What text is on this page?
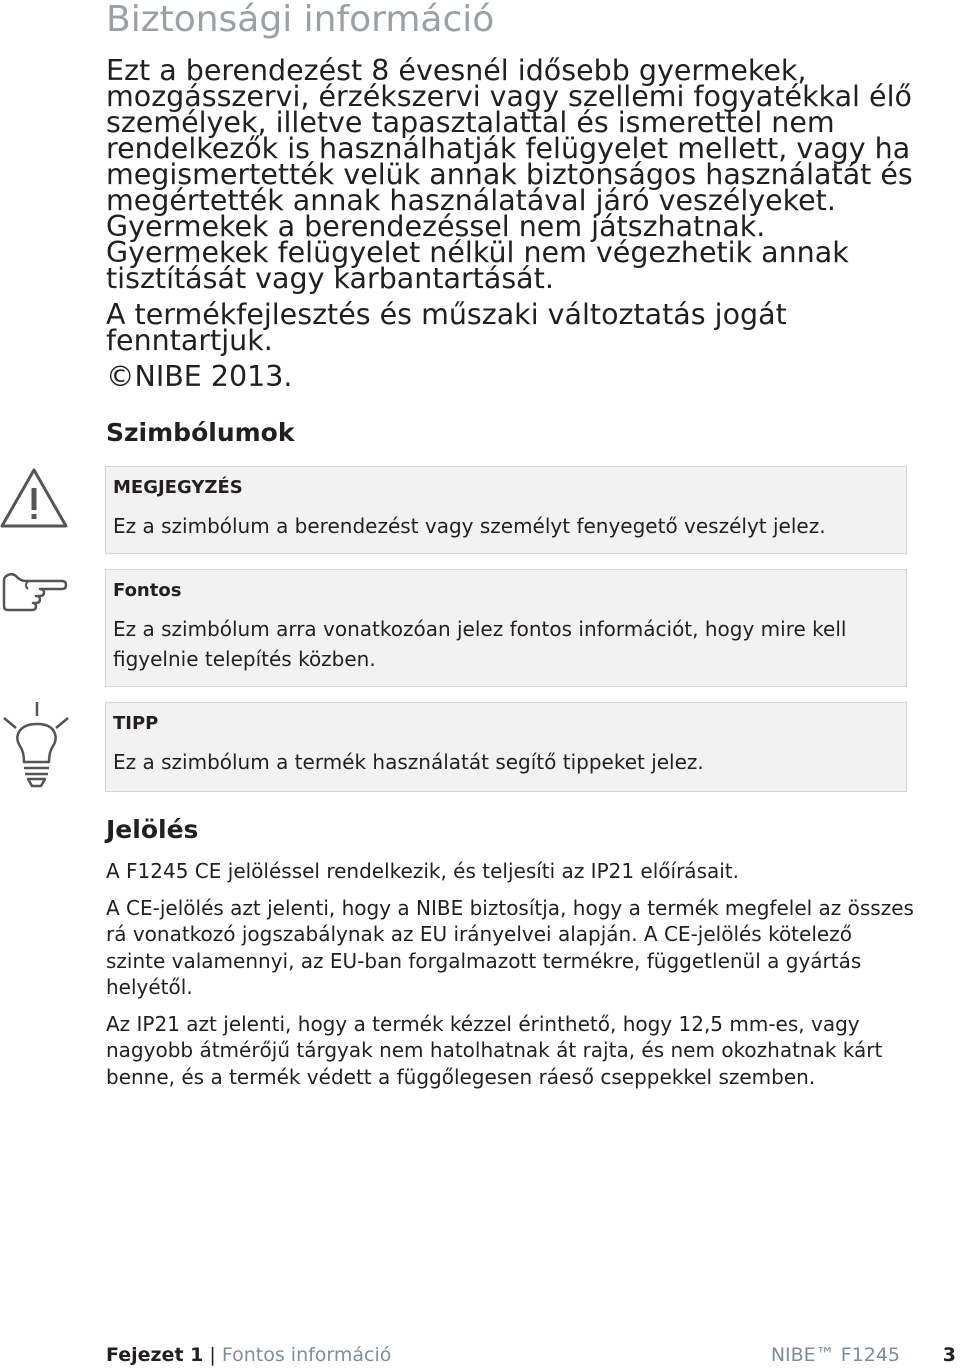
Biztonsági információ

Ezt a berendezést 8 évesnél idősebb gyermekek, mozgásszervi, érzékszervi vagy szellemi fogyatékkal élő személyek, illetve tapasztalattal és ismerettel nem rendelkezők is használhatják felügyelet mellett, vagy ha megismertették velük annak biztonságos használatát és megértették annak használatával járó veszélyeket. Gyermekek a berendezéssel nem játszhatnak. Gyermekek felügyelet nélkül nem végezhetik annak tisztítását vagy karbantartását.

A termékfejlesztés és műszaki változtatás jogát fenntartjuk.

©NIBE 2013.

Szimbólumok
MEGJEGYZÉS
Ez a szimbólum a berendezést vagy személyt fenyegető veszélyt jelez.
Fontos
Ez a szimbólum arra vonatkozóan jelez fontos információt, hogy mire kell figyelnie telepítés közben.
TIPP
Ez a szimbólum a termék használatát segítő tippeket jelez.
Jelölés

A F1245 CE jelöléssel rendelkezik, és teljesíti az IP21 előírásait.

A CE-jelölés azt jelenti, hogy a NIBE biztosítja, hogy a termék megfelel az összes rá vonatkozó jogszabálynak az EU irányelvei alapján. A CE-jelölés kötelező szinte valamennyi, az EU-ban forgalmazott termékre, függetlenül a gyártás helyétől.

Az IP21 azt jelenti, hogy a termék kézzel érinthető, hogy 12,5 mm-es, vagy nagyobb átmérőjű tárgyak nem hatolhatnak át rajta, és nem okozhatnak kárt benne, és a termék védett a függőlegesen ráeső cseppekkel szemben.

Fejezet 1 | Fontos információ	NIBE™ F1245 3
